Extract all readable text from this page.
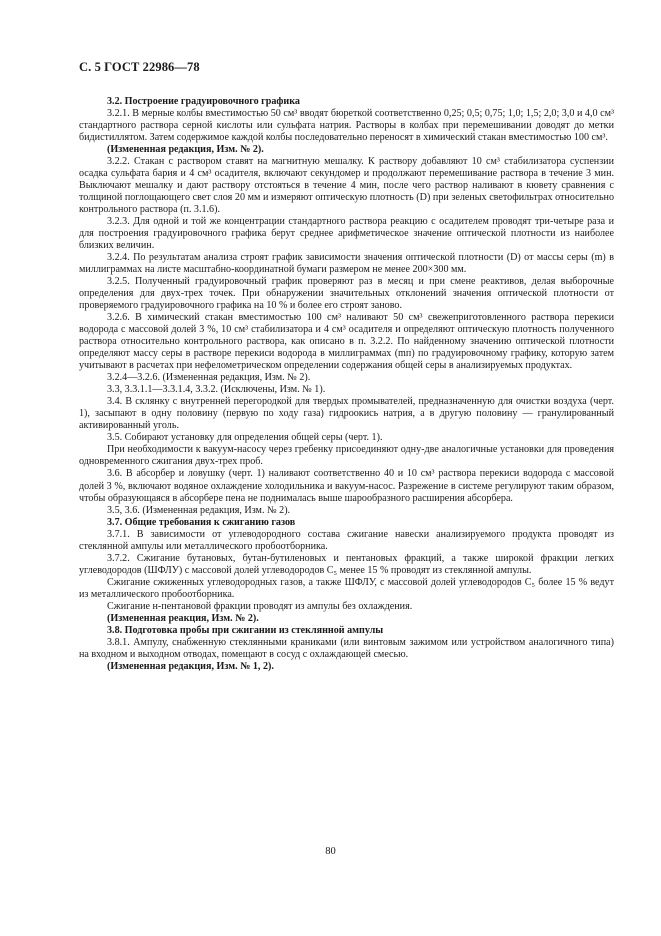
С. 5 ГОСТ 22986—78

3.2. Построение градуировочного графика

3.2.1. В мерные колбы вместимостью 50 см³ вводят бюреткой соответственно 0,25; 0,5; 0,75; 1,0; 1,5; 2,0; 3,0 и 4,0 см³ стандартного раствора серной кислоты или сульфата натрия. Растворы в колбах при перемешивании доводят до метки бидистиллятом. Затем содержимое каждой колбы последовательно переносят в химический стакан вместимостью 100 см³.

(Измененная редакция, Изм. № 2).

3.2.2. Стакан с раствором ставят на магнитную мешалку. К раствору добавляют 10 см³ стабилизатора суспензии осадка сульфата бария и 4 см³ осадителя, включают секундомер и продолжают перемешивание раствора в течение 3 мин. Выключают мешалку и дают раствору отстояться в течение 4 мин, после чего раствор наливают в кювету сравнения с толщиной поглощающего свет слоя 20 мм и измеряют оптическую плотность (D) при зеленых светофильтрах относительно контрольного раствора (п. 3.1.6).

3.2.3. Для одной и той же концентрации стандартного раствора реакцию с осадителем проводят три-четыре раза и для построения градуировочного графика берут среднее арифметическое значение оптической плотности из наиболее близких величин.

3.2.4. По результатам анализа строят график зависимости значения оптической плотности (D) от массы серы (m) в миллиграммах на листе масштабно-координатной бумаги размером не менее 200×300 мм.

3.2.5. Полученный градуировочный график проверяют раз в месяц и при смене реактивов, делая выборочные определения для двух-трех точек. При обнаружении значительных отклонений значения оптической плотности от проверяемого градуировочного графика на 10 % и более его строят заново.

3.2.6. В химический стакан вместимостью 100 см³ наливают 50 см³ свежеприготовленного раствора перекиси водорода с массовой долей 3 %, 10 см³ стабилизатора и 4 см³ осадителя и определяют оптическую плотность полученного раствора относительно контрольного раствора, как описано в п. 3.2.2. По найденному значению оптической плотности определяют массу серы в растворе перекиси водорода в миллиграммах (mп) по градуировочному графику, которую затем учитывают в расчетах при нефелометрическом определении содержания общей серы в анализируемых продуктах.

3.2.4—3.2.6. (Измененная редакция, Изм. № 2).

3.3, 3.3.1.1—3.3.1.4, 3.3.2. (Исключены, Изм. № 1).

3.4. В склянку с внутренней перегородкой для твердых промывателей, предназначенную для очистки воздуха (черт. 1), засыпают в одну половину (первую по ходу газа) гидроокись натрия, а в другую половину — гранулированный активированный уголь.

3.5. Собирают установку для определения общей серы (черт. 1).

При необходимости к вакуум-насосу через гребенку присоединяют одну-две аналогичные установки для проведения одновременного сжигания двух-трех проб.

3.6. В абсорбер и ловушку (черт. 1) наливают соответственно 40 и 10 см³ раствора перекиси водорода с массовой долей 3 %, включают водяное охлаждение холодильника и вакуум-насос. Разрежение в системе регулируют таким образом, чтобы образующаяся в абсорбере пена не поднималась выше шарообразного расширения абсорбера.

3.5, 3.6. (Измененная редакция, Изм. № 2).

3.7. Общие требования к сжиганию газов

3.7.1. В зависимости от углеводородного состава сжигание навески анализируемого продукта проводят из стеклянной ампулы или металлического пробоотборника.

3.7.2. Сжигание бутановых, бутан-бутиленовых и пентановых фракций, а также широкой фракции легких углеводородов (ШФЛУ) с массовой долей углеводородов C₅ менее 15 % проводят из стеклянной ампулы.

Сжигание сжиженных углеводородных газов, а также ШФЛУ, с массовой долей углеводородов C₅ более 15 % ведут из металлического пробоотборника.

Сжигание н-пентановой фракции проводят из ампулы без охлаждения.

(Измененная реакция, Изм. № 2).

3.8. Подготовка пробы при сжигании из стеклянной ампулы

3.8.1. Ампулу, снабженную стеклянными краниками (или винтовым зажимом или устройством аналогичного типа) на входном и выходном отводах, помещают в сосуд с охлаждающей смесью.

(Измененная редакция, Изм. № 1, 2).

80
